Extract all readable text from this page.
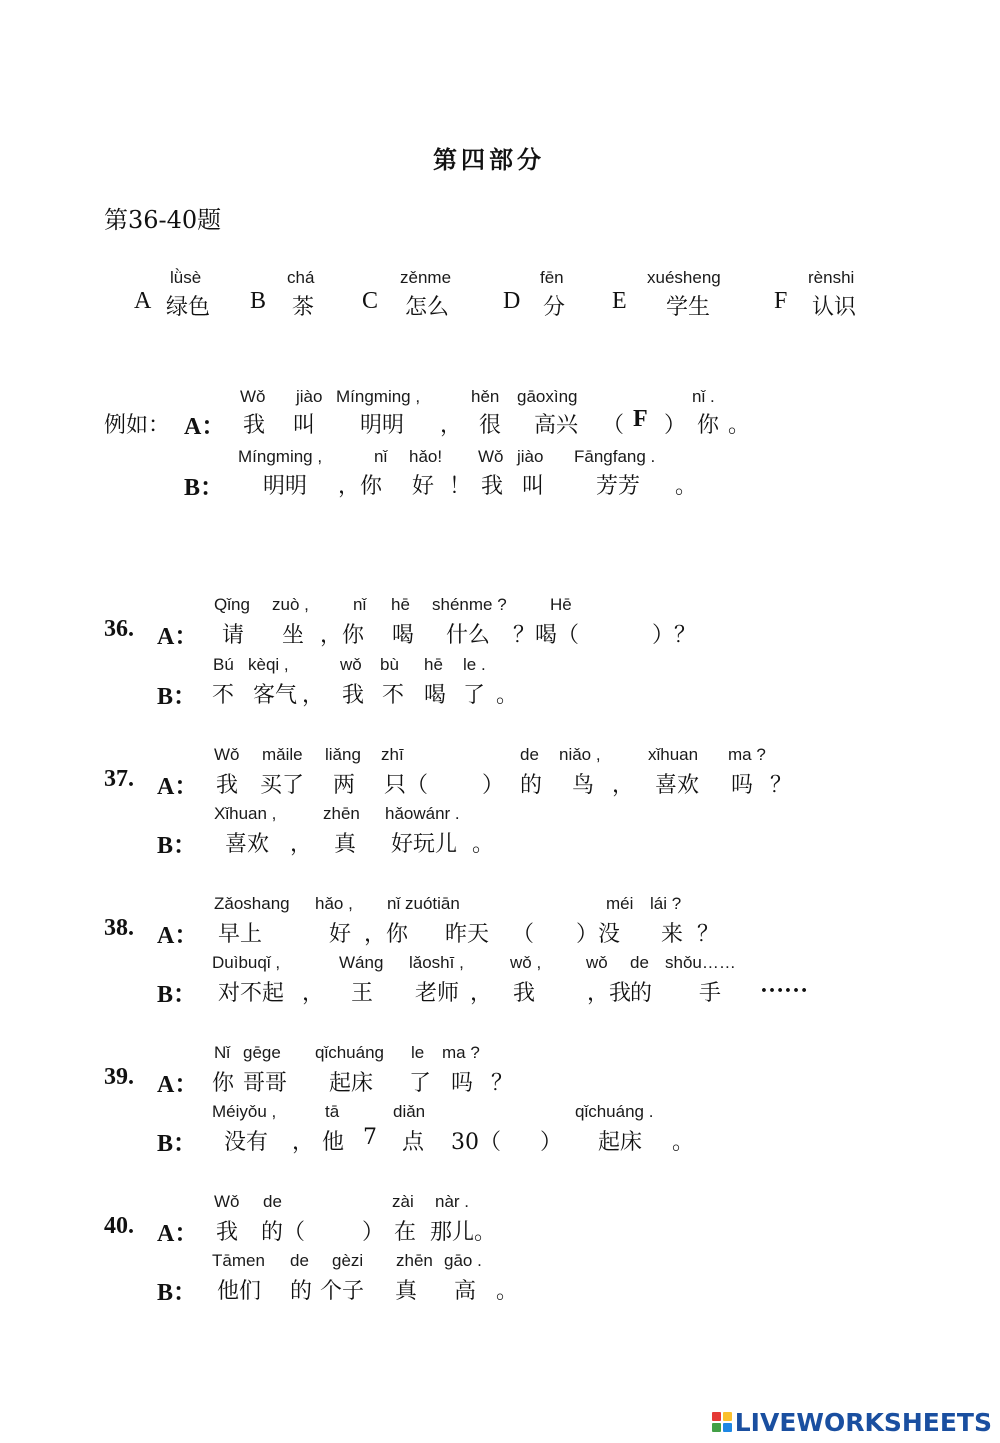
第四部分
第36-40题
lǜsè
A 绿色
chá
B 茶
zěnme
C 怎么
fēn
D 分
xuésheng
E 学生
rènshi
F 认识
Wǒ jiào Míngming ,	hěn gāoxìng	nǐ .
例如： A： 我 叫 明明 ， 很 高兴 （ F ） 你 。
Míngming ,	nǐ hǎo! Wǒ jiào Fāngfang .
B： 明明 ，你 好 ！ 我 叫 芳芳 。
Qǐng zuò ,	nǐ hē shénme ?	Hē
36. A： 请 坐 ，你 喝 什么 ？喝（	）？
Bú kèqi ,	wǒ bù hē le .
B： 不 客气 ， 我 不 喝 了 。
Wǒ mǎile liǎng zhī	de niǎo ,	xǐhuan ma ?
37. A： 我 买了 两 只（ ） 的 鸟 ， 喜欢 吗 ？
Xǐhuan ,	zhēn hǎowánr .
B： 喜欢 ， 真 好玩儿 。
Zǎoshang hǎo , nǐ zuótiān	méi lái ?
38. A： 早上	好 ，你 昨天 （ ）没 来 ？
Duìbuqǐ ,	Wáng lǎoshī ,	wǒ ,	wǒ de shǒu……
B： 对不起 ， 王 老师 ， 我 ，我
的 手 ……
Nǐ gēge qǐchuáng le ma ?
39. A： 你 哥哥 起床 了 吗 ？
Méiyǒu ,	tā	diǎn	qǐchuáng .
B： 没有 ， 他 7 点 30（ ） 起床 。
Wǒ de	zài nàr .
40. A： 我 的（	） 在 那儿。
Tāmen de gèzi zhēn gāo .
B： 他们 的 个子 真 高 。
LIVEWORKSHEETS
